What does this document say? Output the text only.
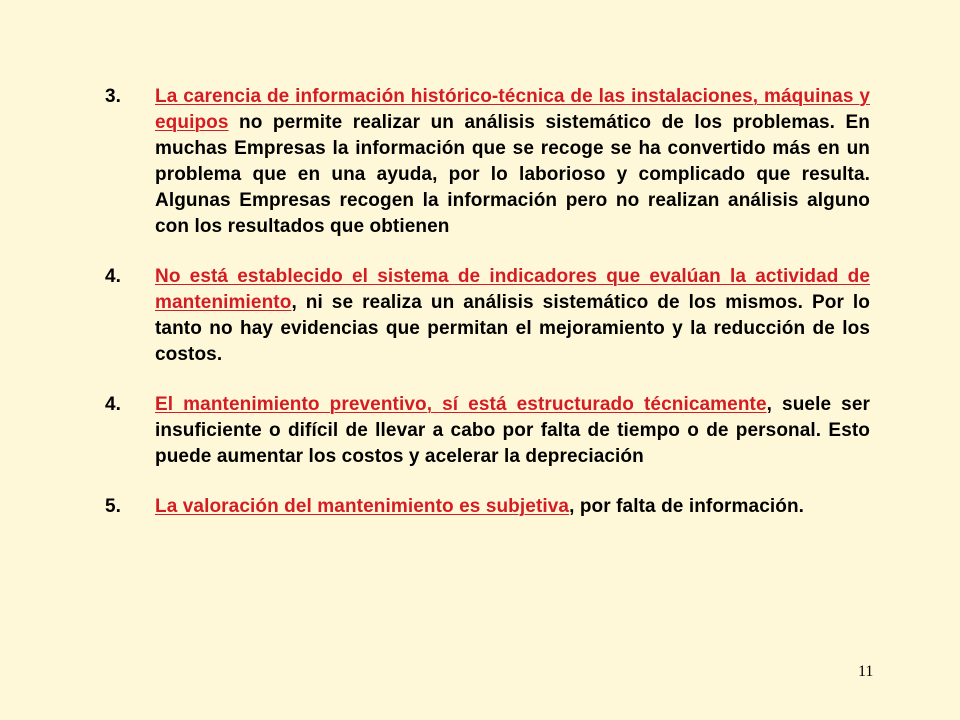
3.	La carencia de información histórico-técnica de las instalaciones, máquinas y equipos no permite realizar un análisis sistemático de los problemas. En muchas Empresas la información que se recoge se ha convertido más en un problema que en una ayuda, por lo laborioso y complicado que resulta. Algunas Empresas recogen la información pero no realizan análisis alguno con los resultados que obtienen
4.	No está establecido el sistema de indicadores que evalúan la actividad de mantenimiento, ni se realiza un análisis sistemático de los mismos. Por lo tanto no hay evidencias que permitan el mejoramiento y la reducción de los costos.
4.	El mantenimiento preventivo, sí está estructurado técnicamente, suele ser insuficiente o difícil de llevar a cabo por falta de tiempo o de personal. Esto puede aumentar los costos y acelerar la depreciación
5.	La valoración del mantenimiento es subjetiva, por falta de información.
11
